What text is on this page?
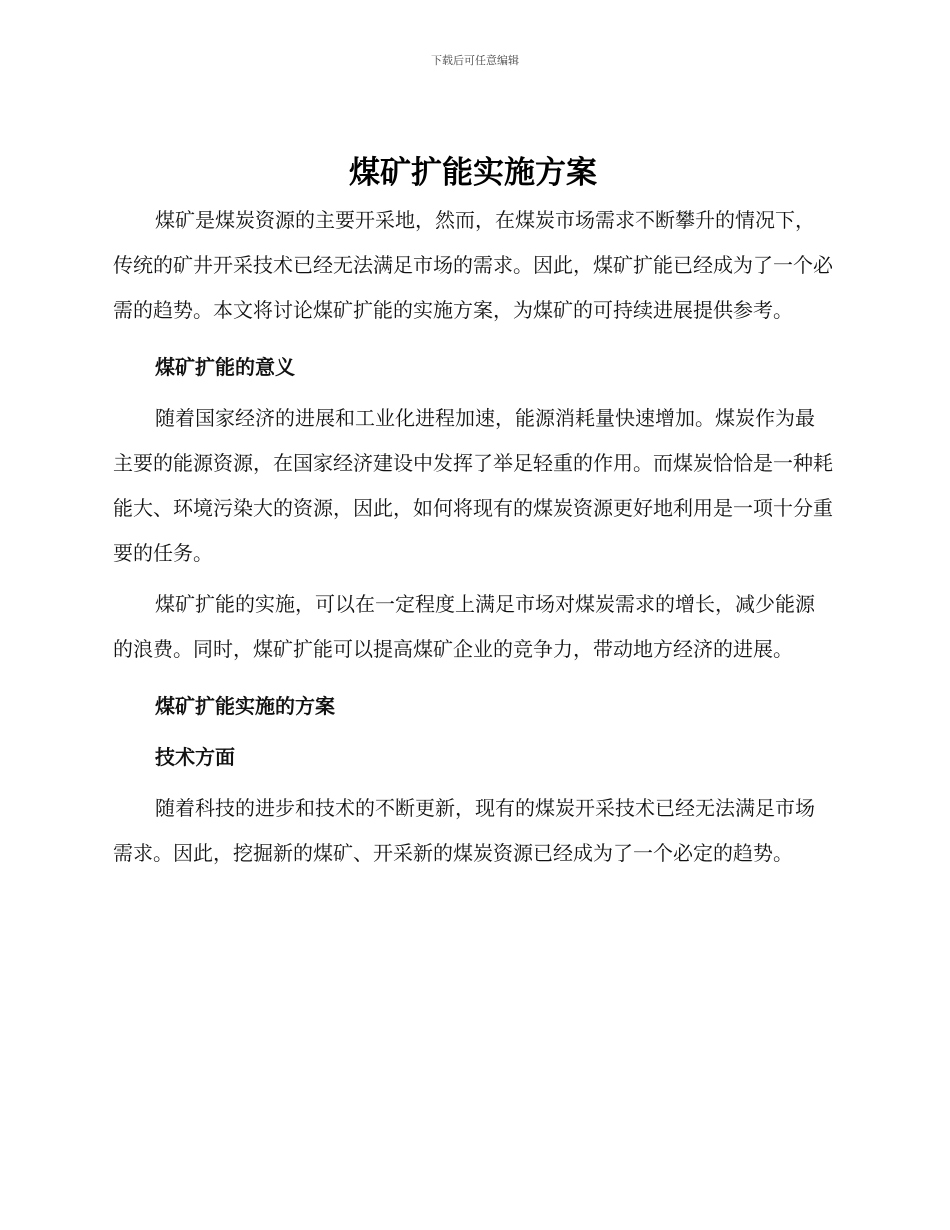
下载后可任意编辑
煤矿扩能实施方案

煤矿是煤炭资源的主要开采地，然而，在煤炭市场需求不断攀升的情况下，传统的矿井开采技术已经无法满足市场的需求。因此，煤矿扩能已经成为了一个必需的趋势。本文将讨论煤矿扩能的实施方案，为煤矿的可持续进展提供参考。

煤矿扩能的意义

随着国家经济的进展和工业化进程加速，能源消耗量快速增加。煤炭作为最主要的能源资源，在国家经济建设中发挥了举足轻重的作用。而煤炭恰恰是一种耗能大、环境污染大的资源，因此，如何将现有的煤炭资源更好地利用是一项十分重要的任务。

煤矿扩能的实施，可以在一定程度上满足市场对煤炭需求的增长，减少能源的浪费。同时，煤矿扩能可以提高煤矿企业的竞争力，带动地方经济的进展。

煤矿扩能实施的方案

技术方面

随着科技的进步和技术的不断更新，现有的煤炭开采技术已经无法满足市场需求。因此，挖掘新的煤矿、开采新的煤炭资源已经成为了一个必定的趋势。
